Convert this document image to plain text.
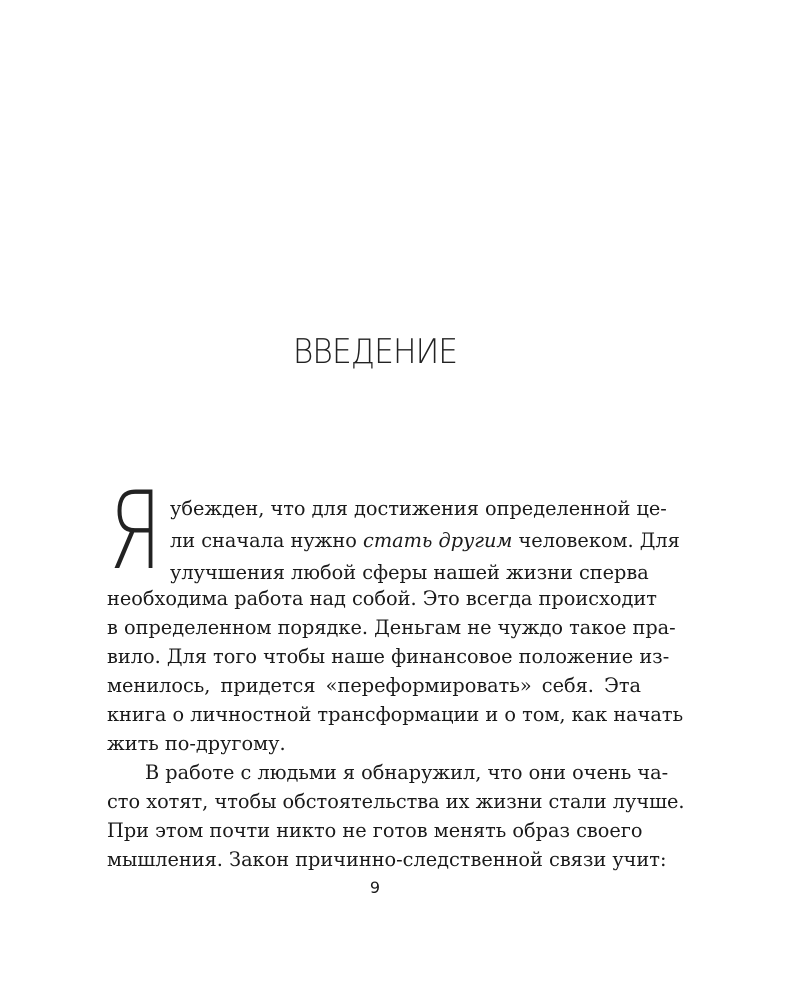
ВВЕДЕНИЕ
Я убежден, что для достижения определенной це-
ли сначала нужно стать другим человеком. Для
улучшения любой сферы нашей жизни сперва
необходима работа над собой. Это всегда происходит
в определенном порядке. Деньгам не чуждо такое пра-
вило. Для того чтобы наше финансовое положение из-
менилось, придется «переформировать» себя. Эта
книга о личностной трансформации и о том, как начать
жить по-другому.
В работе с людьми я обнаружил, что они очень ча-
сто хотят, чтобы обстоятельства их жизни стали лучше.
При этом почти никто не готов менять образ своего
мышления. Закон причинно-следственной связи учит:
9
